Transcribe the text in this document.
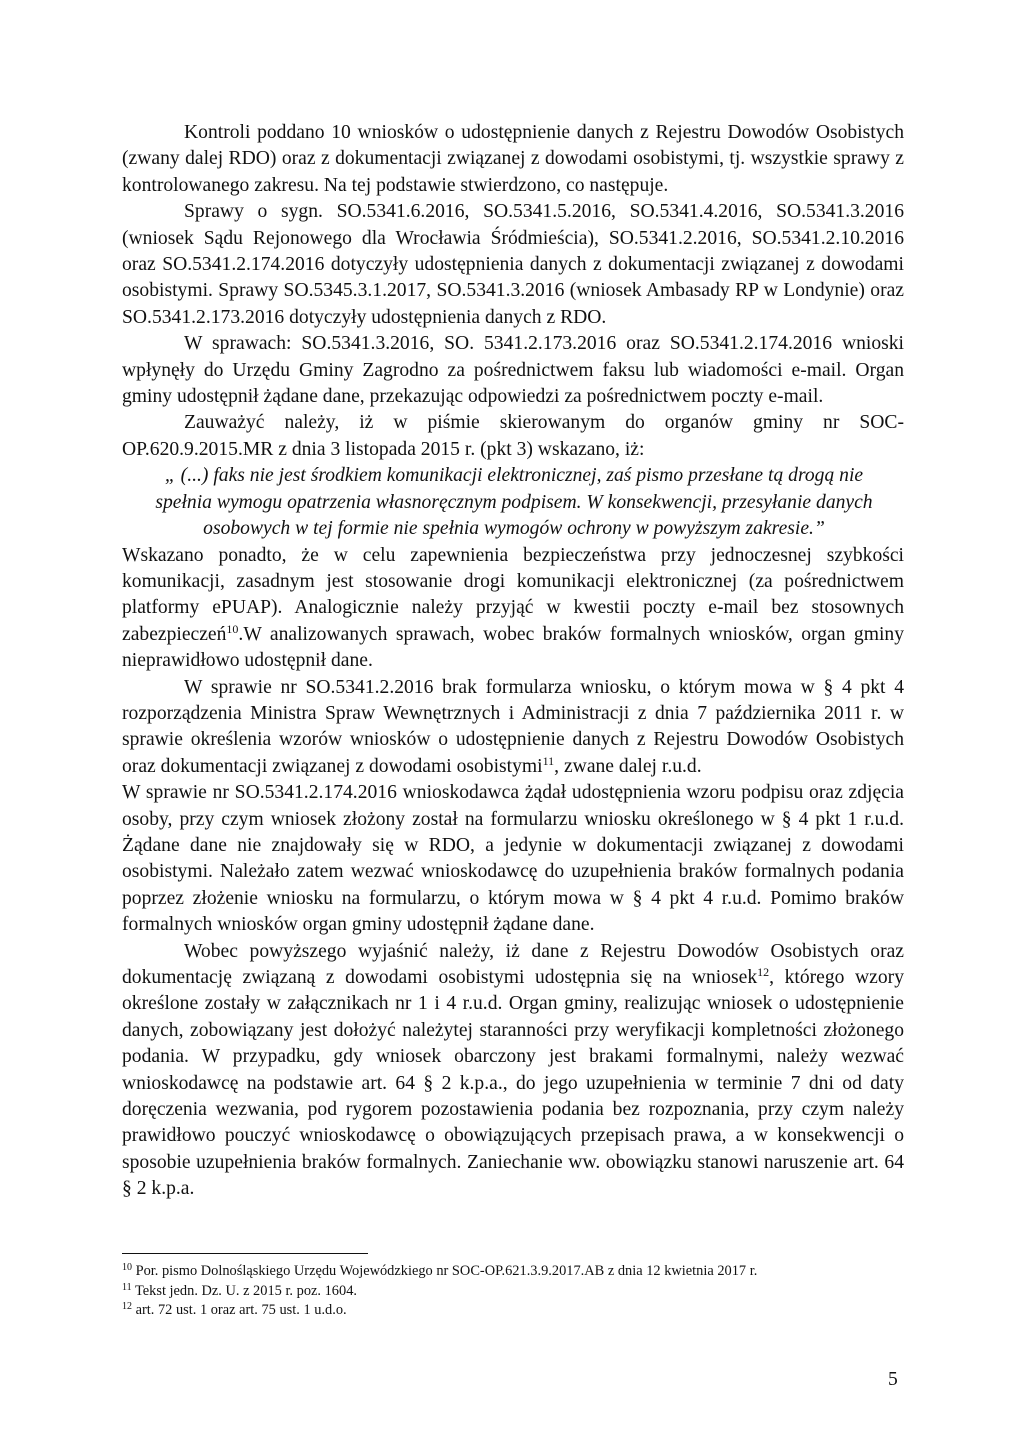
Kontroli poddano 10 wniosków o udostępnienie danych z Rejestru Dowodów Osobistych (zwany dalej RDO) oraz z dokumentacji związanej z dowodami osobistymi, tj. wszystkie sprawy z kontrolowanego zakresu. Na tej podstawie stwierdzono, co następuje.

Sprawy o sygn. SO.5341.6.2016, SO.5341.5.2016, SO.5341.4.2016, SO.5341.3.2016 (wniosek Sądu Rejonowego dla Wrocławia Śródmieścia), SO.5341.2.2016, SO.5341.2.10.2016 oraz SO.5341.2.174.2016 dotyczyły udostępnienia danych z dokumentacji związanej z dowodami osobistymi. Sprawy SO.5345.3.1.2017, SO.5341.3.2016 (wniosek Ambasady RP w Londynie) oraz SO.5341.2.173.2016 dotyczyły udostępnienia danych z RDO.

W sprawach: SO.5341.3.2016, SO. 5341.2.173.2016 oraz SO.5341.2.174.2016 wnioski wpłynęły do Urzędu Gminy Zagrodno za pośrednictwem faksu lub wiadomości e-mail. Organ gminy udostępnił żądane dane, przekazując odpowiedzi za pośrednictwem poczty e-mail.

Zauważyć należy, iż w piśmie skierowanym do organów gminy nr SOC-OP.620.9.2015.MR z dnia 3 listopada 2015 r. (pkt 3) wskazano, iż:

„ (...) faks nie jest środkiem komunikacji elektronicznej, zaś pismo przesłane tą drogą nie spełnia wymogu opatrzenia własnoręcznym podpisem. W konsekwencji, przesyłanie danych osobowych w tej formie nie spełnia wymogów ochrony w powyższym zakresie.”

Wskazano ponadto, że w celu zapewnienia bezpieczeństwa przy jednoczesnej szybkości komunikacji, zasadnym jest stosowanie drogi komunikacji elektronicznej (za pośrednictwem platformy ePUAP). Analogicznie należy przyjąć w kwestii poczty e-mail bez stosownych zabezpieczeń$^{10}$.W analizowanych sprawach, wobec braków formalnych wniosków, organ gminy nieprawidłowo udostępnił dane.

W sprawie nr SO.5341.2.2016 brak formularza wniosku, o którym mowa w § 4 pkt 4 rozporządzenia Ministra Spraw Wewnętrznych i Administracji z dnia 7 października 2011 r. w sprawie określenia wzorów wniosków o udostępnienie danych z Rejestru Dowodów Osobistych oraz dokumentacji związanej z dowodami osobistymi$^{11}$, zwane dalej r.u.d.

W sprawie nr SO.5341.2.174.2016 wnioskodawca żądał udostępnienia wzoru podpisu oraz zdjęcia osoby, przy czym wniosek złożony został na formularzu wniosku określonego w § 4 pkt 1 r.u.d. Żądane dane nie znajdowały się w RDO, a jedynie w dokumentacji związanej z dowodami osobistymi. Należało zatem wezwać wnioskodawcę do uzupełnienia braków formalnych podania poprzez złożenie wniosku na formularzu, o którym mowa w § 4 pkt 4 r.u.d. Pomimo braków formalnych wniosków organ gminy udostępnił żądane dane.

Wobec powyższego wyjaśnić należy, iż dane z Rejestru Dowodów Osobistych oraz dokumentację związaną z dowodami osobistymi udostępnia się na wniosek$^{12}$, którego wzory określone zostały w załącznikach nr 1 i 4 r.u.d. Organ gminy, realizując wniosek o udostępnienie danych, zobowiązany jest dołożyć należytej staranności przy weryfikacji kompletności złożonego podania. W przypadku, gdy wniosek obarczony jest brakami formalnymi, należy wezwać wnioskodawcę na podstawie art. 64 § 2 k.p.a., do jego uzupełnienia w terminie 7 dni od daty doręczenia wezwania, pod rygorem pozostawienia podania bez rozpoznania, przy czym należy prawidłowo pouczyć wnioskodawcę o obowiązujących przepisach prawa, a w konsekwencji o sposobie uzupełnienia braków formalnych. Zaniechanie ww. obowiązku stanowi naruszenie art. 64 § 2 k.p.a.

$^{10}$ Por. pismo Dolnośląskiego Urzędu Wojewódzkiego nr SOC-OP.621.3.9.2017.AB z dnia 12 kwietnia 2017 r.

$^{11}$ Tekst jedn. Dz. U. z 2015 r. poz. 1604.

$^{12}$ art. 72 ust. 1 oraz art. 75 ust. 1 u.d.o.

5
